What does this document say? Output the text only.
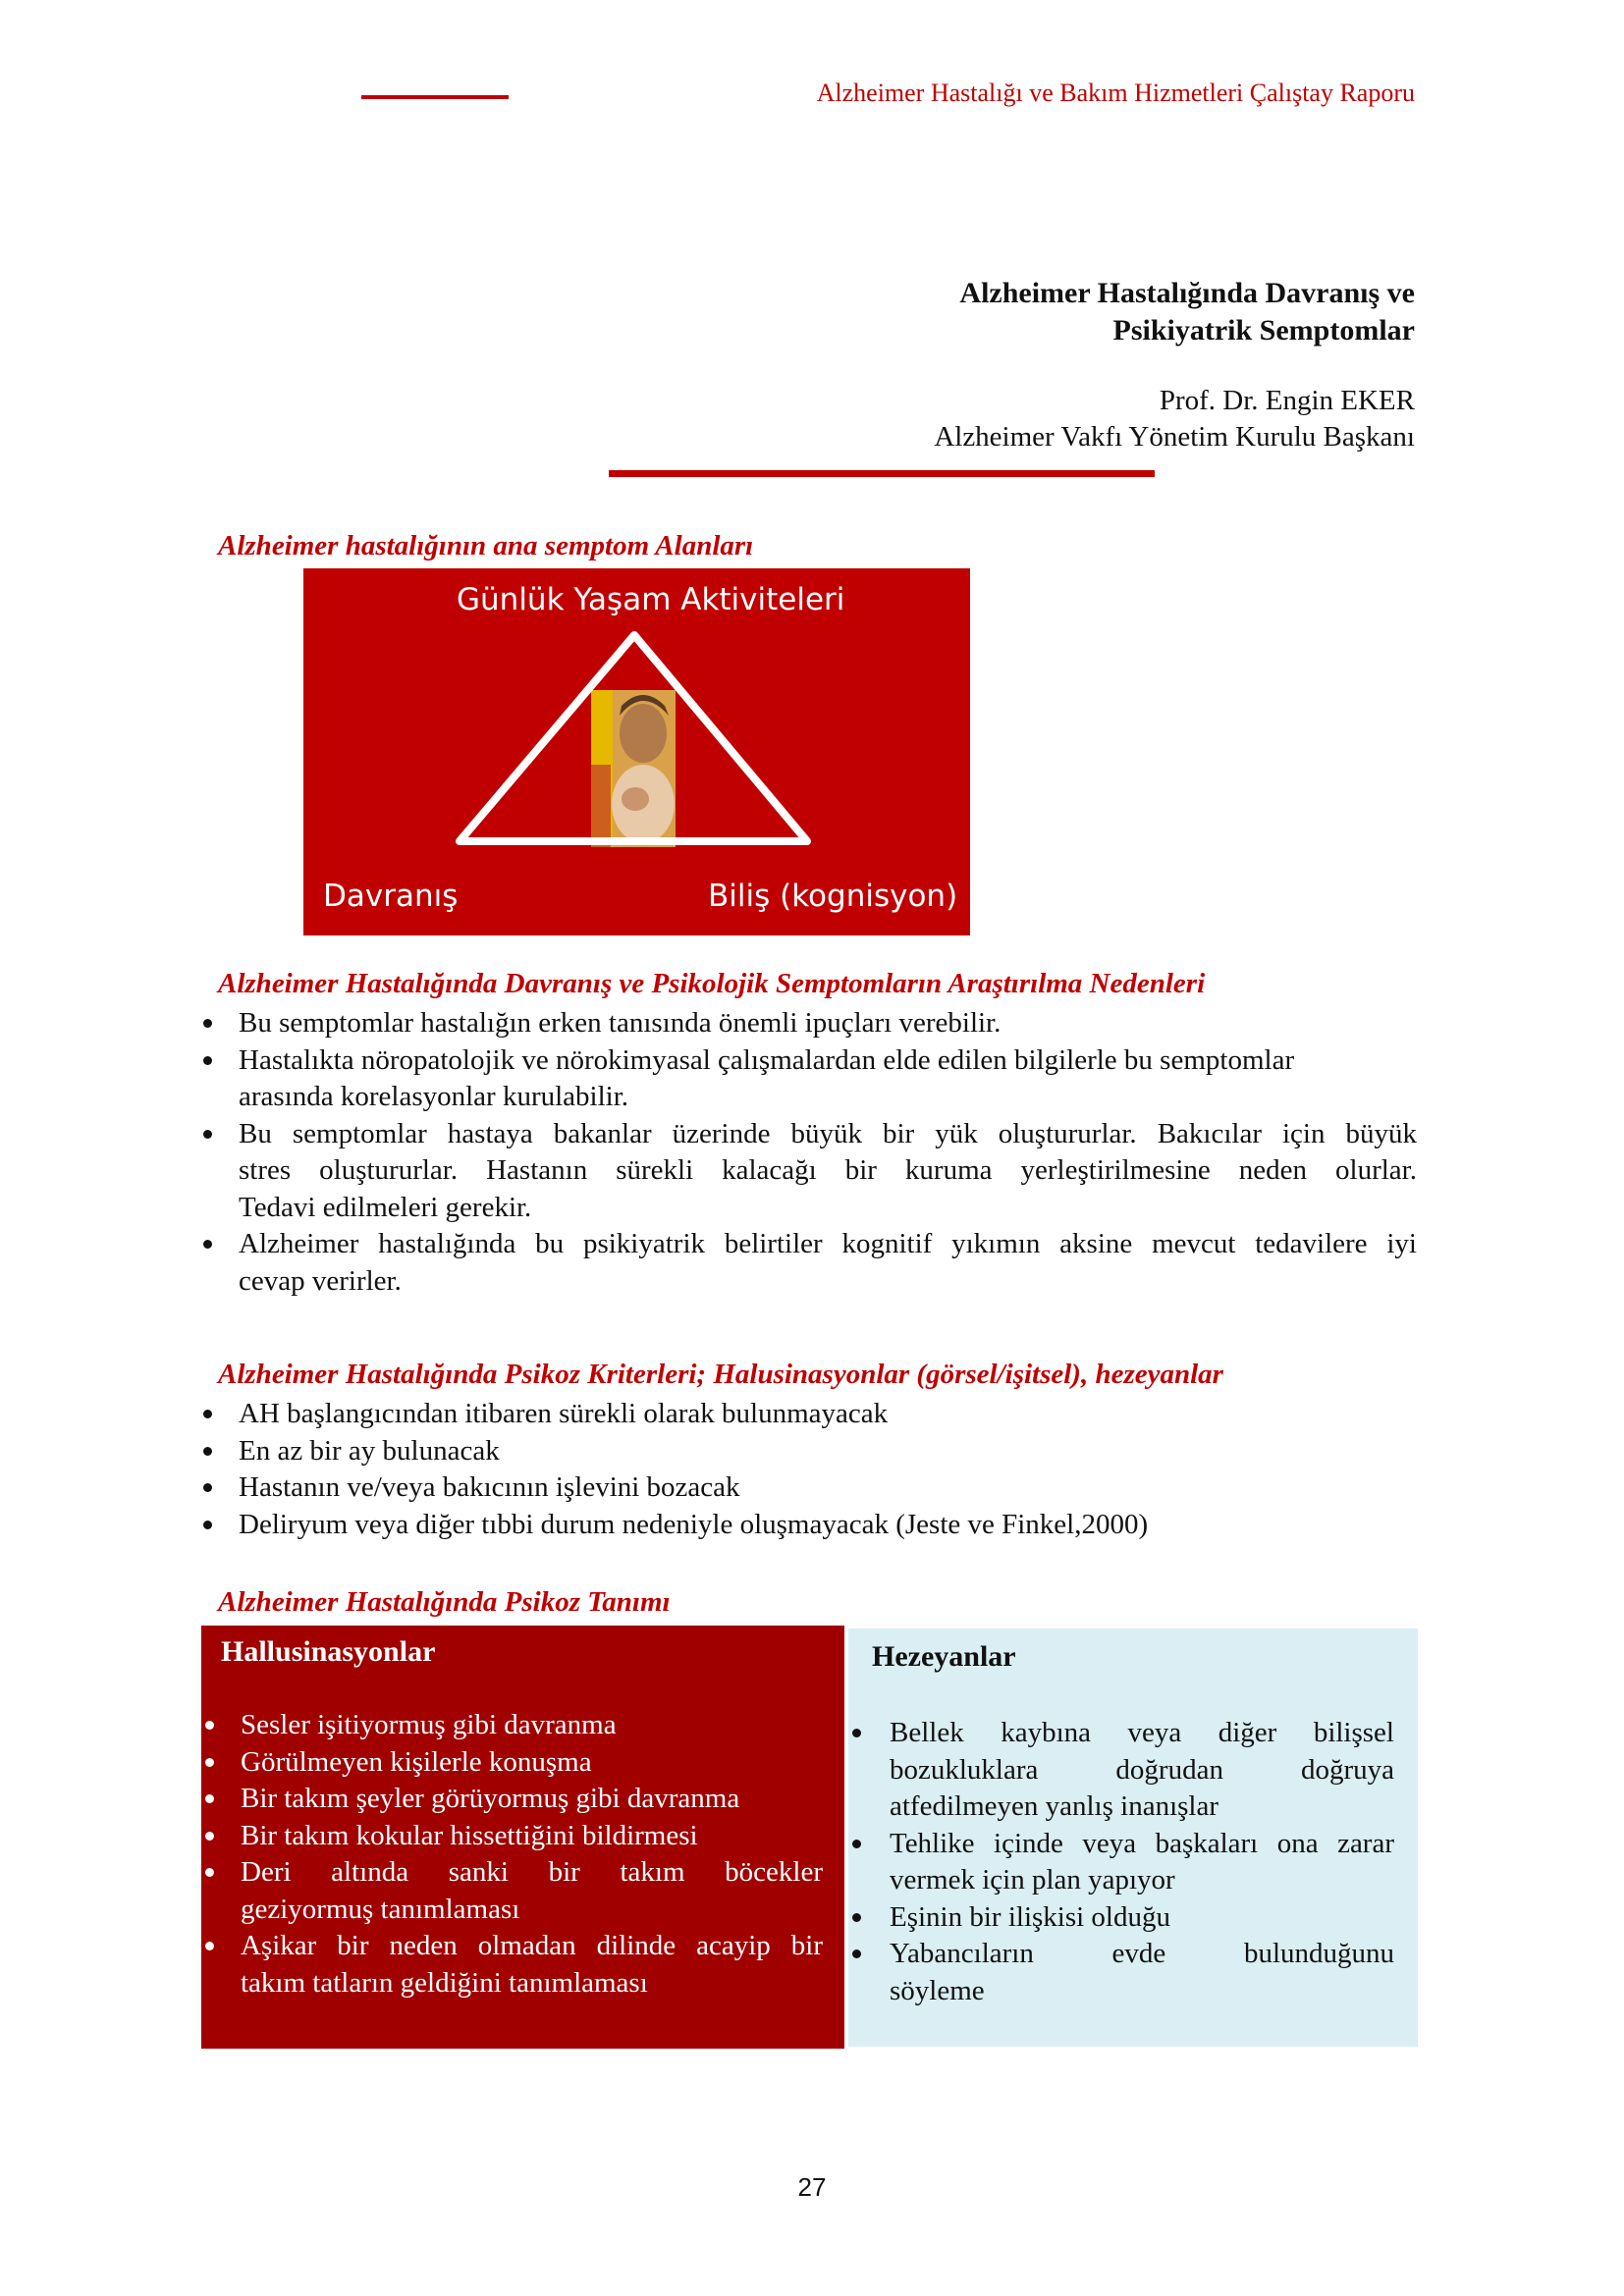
Alzheimer Hastalığı ve Bakım Hizmetleri Çalıştay Raporu
Alzheimer Hastalığında Davranış ve
Psikiyatrik Semptomlar
Prof. Dr. Engin EKER
Alzheimer Vakfı Yönetim Kurulu Başkanı
Alzheimer hastalığının ana semptom Alanları
Günlük Yaşam Aktiviteleri
Davranış	Biliş (kognisyon)
Alzheimer Hastalığında Davranış ve Psikolojik Semptomların Araştırılma Nedenleri
Bu semptomlar hastalığın erken tanısında önemli ipuçları verebilir.
Hastalıkta nöropatolojik ve nörokimyasal çalışmalardan elde edilen bilgilerle bu semptomlar
arasında korelasyonlar kurulabilir.
Bu semptomlar hastaya bakanlar üzerinde büyük bir yük oluştururlar. Bakıcılar için büyük
stres oluştururlar. Hastanın sürekli kalacağı bir kuruma yerleştirilmesine neden olurlar.
Tedavi edilmeleri gerekir.
Alzheimer hastalığında bu psikiyatrik belirtiler kognitif yıkımın aksine mevcut tedavilere iyi
cevap verirler.
Alzheimer Hastalığında Psikoz Kriterleri; Halusinasyonlar (görsel/işitsel), hezeyanlar
AH başlangıcından itibaren sürekli olarak bulunmayacak
En az bir ay bulunacak
Hastanın ve/veya bakıcının işlevini bozacak
Deliryum veya diğer tıbbi durum nedeniyle oluşmayacak (Jeste ve Finkel,2000)
Alzheimer Hastalığında Psikoz Tanımı
Hallusinasyonlar
Sesler işitiyormuş gibi davranma
Görülmeyen kişilerle konuşma
Bir takım şeyler görüyormuş gibi davranma
Bir takım kokular hissettiğini bildirmesi
Deri altında sanki bir takım böcekler
geziyormuş tanımlaması
Aşikar bir neden olmadan dilinde acayip bir
takım tatların geldiğini tanımlaması
Hezeyanlar
Bellek kaybına veya diğer bilişsel
bozukluklara doğrudan doğruya
atfedilmeyen yanlış inanışlar
Tehlike içinde veya başkaları ona zarar
vermek için plan yapıyor
Eşinin bir ilişkisi olduğu
Yabancıların evde bulunduğunu
söyleme
27
